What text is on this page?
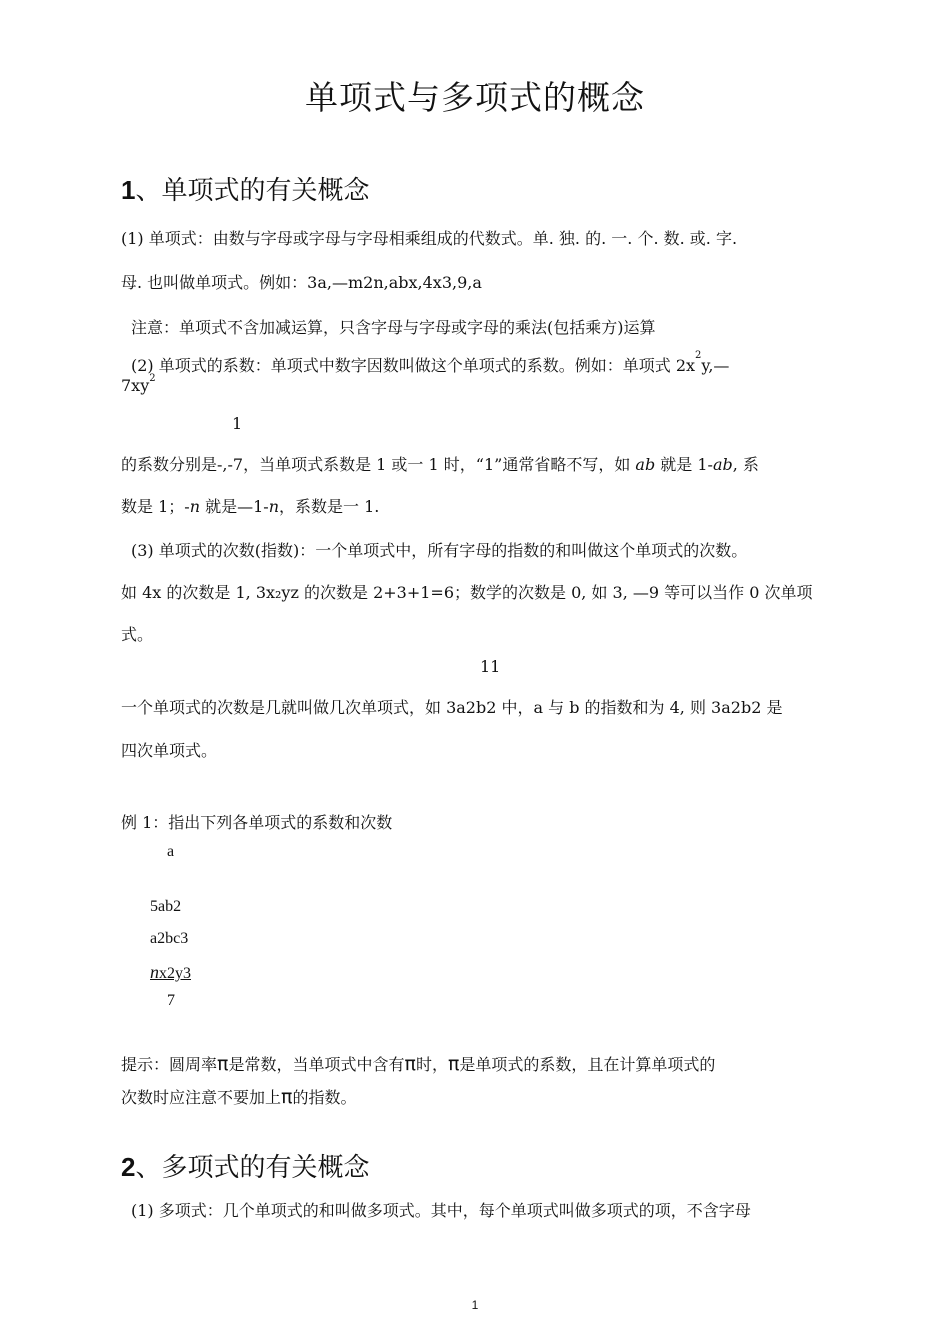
单项式与多项式的概念
1、单项式的有关概念
(1) 单项式：由数与字母或字母与字母相乘组成的代数式。单. 独. 的. 一. 个. 数. 或. 字.
母. 也叫做单项式。例如：3a,—m2n,abx,4x3,9,a
注意：单项式不含加减运算，只含字母与字母或字母的乘法(包括乘方)运算
(2) 单项式的系数：单项式中数字因数叫做这个单项式的系数。例如：单项式 $2x^2y,—$
$7xy^2$
1
的系数分别是-,-7，当单项式系数是 1 或一 1 时，“1”通常省略不写，如 ab 就是 1-ab, 系
数是 1；-n 就是—1-n，系数是一 1.
(3) 单项式的次数(指数)：一个单项式中，所有字母的指数的和叫做这个单项式的次数。
如 4x 的次数是 1, 3x₂yz 的次数是 2+3+1=6；数学的次数是 0, 如 3, —9 等可以当作 0 次单项
式。
11
一个单项式的次数是几就叫做几次单项式，如 3a2b2 中，a 与 b 的指数和为 4, 则 3a2b2 是
四次单项式。
例 1：指出下列各单项式的系数和次数
a
5ab2
a2bc3
nx2y3
7
提示：圆周率π是常数，当单项式中含有π时，π是单项式的系数，且在计算单项式的
次数时应注意不要加上π的指数。
2、多项式的有关概念
(1) 多项式：几个单项式的和叫做多项式。其中，每个单项式叫做多项式的项，不含字母
1
